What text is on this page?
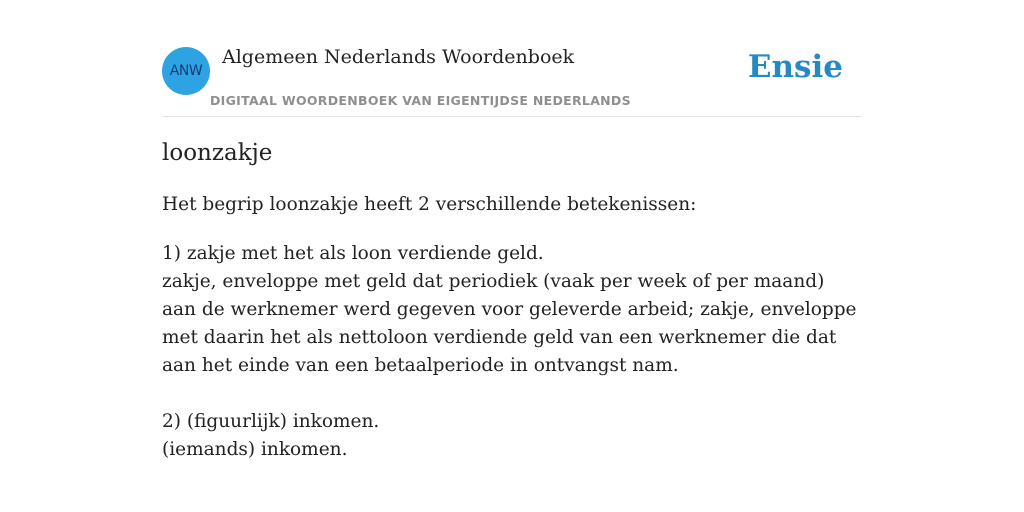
ANW
Algemeen Nederlands Woordenboek
DIGITAAL WOORDENBOEK VAN EIGENTIJDSE NEDERLANDS
Ensie
loonzakje
Het begrip loonzakje heeft 2 verschillende betekenissen:

1) zakje met het als loon verdiende geld.

zakje, enveloppe met geld dat periodiek (vaak per week of per maand) aan de werknemer werd gegeven voor geleverde arbeid; zakje, enveloppe met daarin het als nettoloon verdiende geld van een werknemer die dat aan het einde van een betaalperiode in ontvangst nam.

2) (figuurlijk) inkomen.

(iemands) inkomen.
